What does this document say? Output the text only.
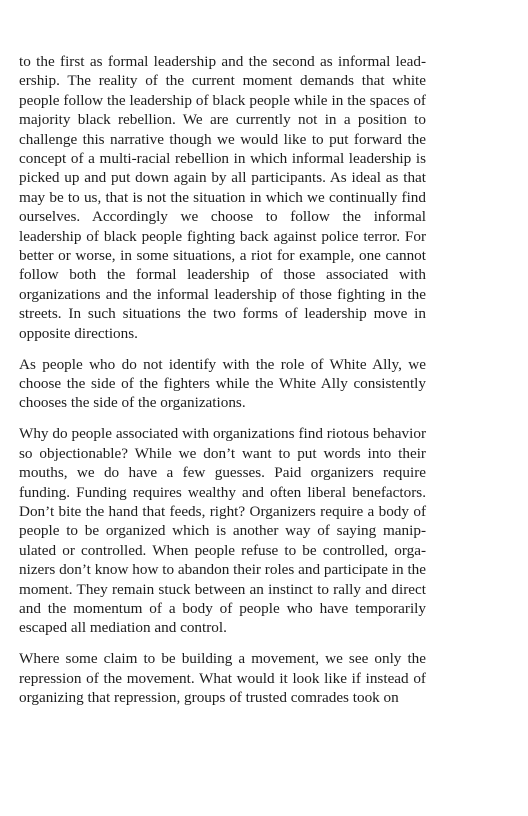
to the first as formal leadership and the second as informal leadership. The reality of the current moment demands that white people follow the leadership of black people while in the spaces of majority black rebellion. We are currently not in a position to challenge this narrative though we would like to put forward the concept of a multi-racial rebellion in which informal leadership is picked up and put down again by all participants. As ideal as that may be to us, that is not the situation in which we continually find ourselves. Accordingly we choose to follow the informal leadership of black people fighting back against police terror. For better or worse, in some situations, a riot for example, one cannot follow both the formal leadership of those associated with organizations and the informal leadership of those fighting in the streets. In such situations the two forms of leadership move in opposite directions.

As people who do not identify with the role of White Ally, we choose the side of the fighters while the White Ally consistently chooses the side of the organizations.

Why do people associated with organizations find riotous behavior so objectionable? While we don’t want to put words into their mouths, we do have a few guesses. Paid organizers require funding. Funding requires wealthy and often liberal benefactors. Don’t bite the hand that feeds, right? Organizers require a body of people to be organized which is another way of saying manipulated or controlled. When people refuse to be controlled, organizers don’t know how to abandon their roles and participate in the moment. They remain stuck between an instinct to rally and direct and the momentum of a body of people who have temporarily escaped all mediation and control.

Where some claim to be building a movement, we see only the repression of the movement. What would it look like if instead of organizing that repression, groups of trusted comrades took on
